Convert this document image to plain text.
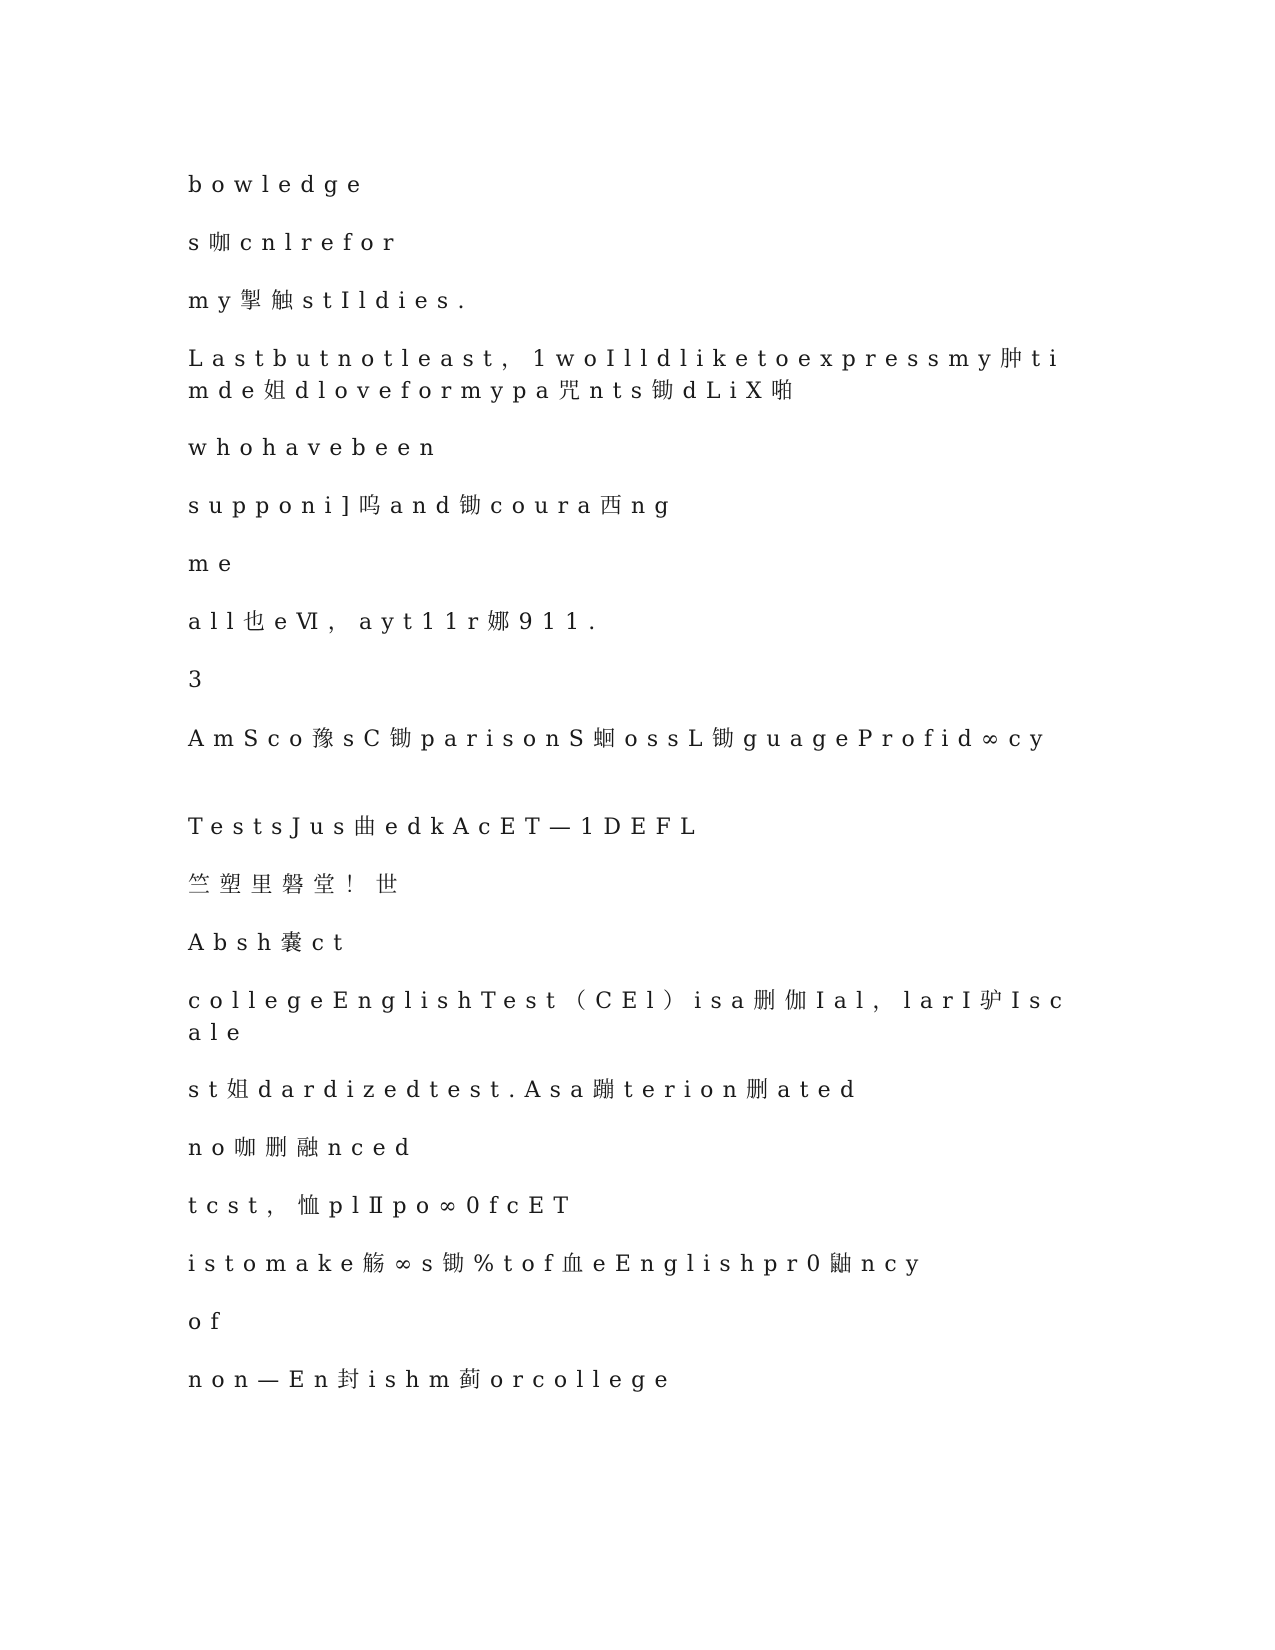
bowledge

s咖cnlrefor

my掣触stIldies.

Lastbutnotleast，1woIlldliketoexpressmy肿timde姐dloveformypa咒nts锄dLiX啪

whohavebeen

supponi]呜and锄coura西ng

me

all也eⅥ，ayt11r娜911.

3

AmSco豫sC锄parisonS蛔ossL锄guageProfid∞cy

TestsJus曲edkAcET—1DEFL

竺塑里磐堂！世

Absh嚢ct

collegeEnglishTest（CEl）isa删伽Ial，larI驴Iscale

st姐dardizedtest.Asa蹦terion删ated

no咖删融nced

tcst，恤plⅡpo∞0fcET

istomake觞∞s锄%tof血eEnglishpr0鼬ncy

of

non—En封ishm蓟orcollege
